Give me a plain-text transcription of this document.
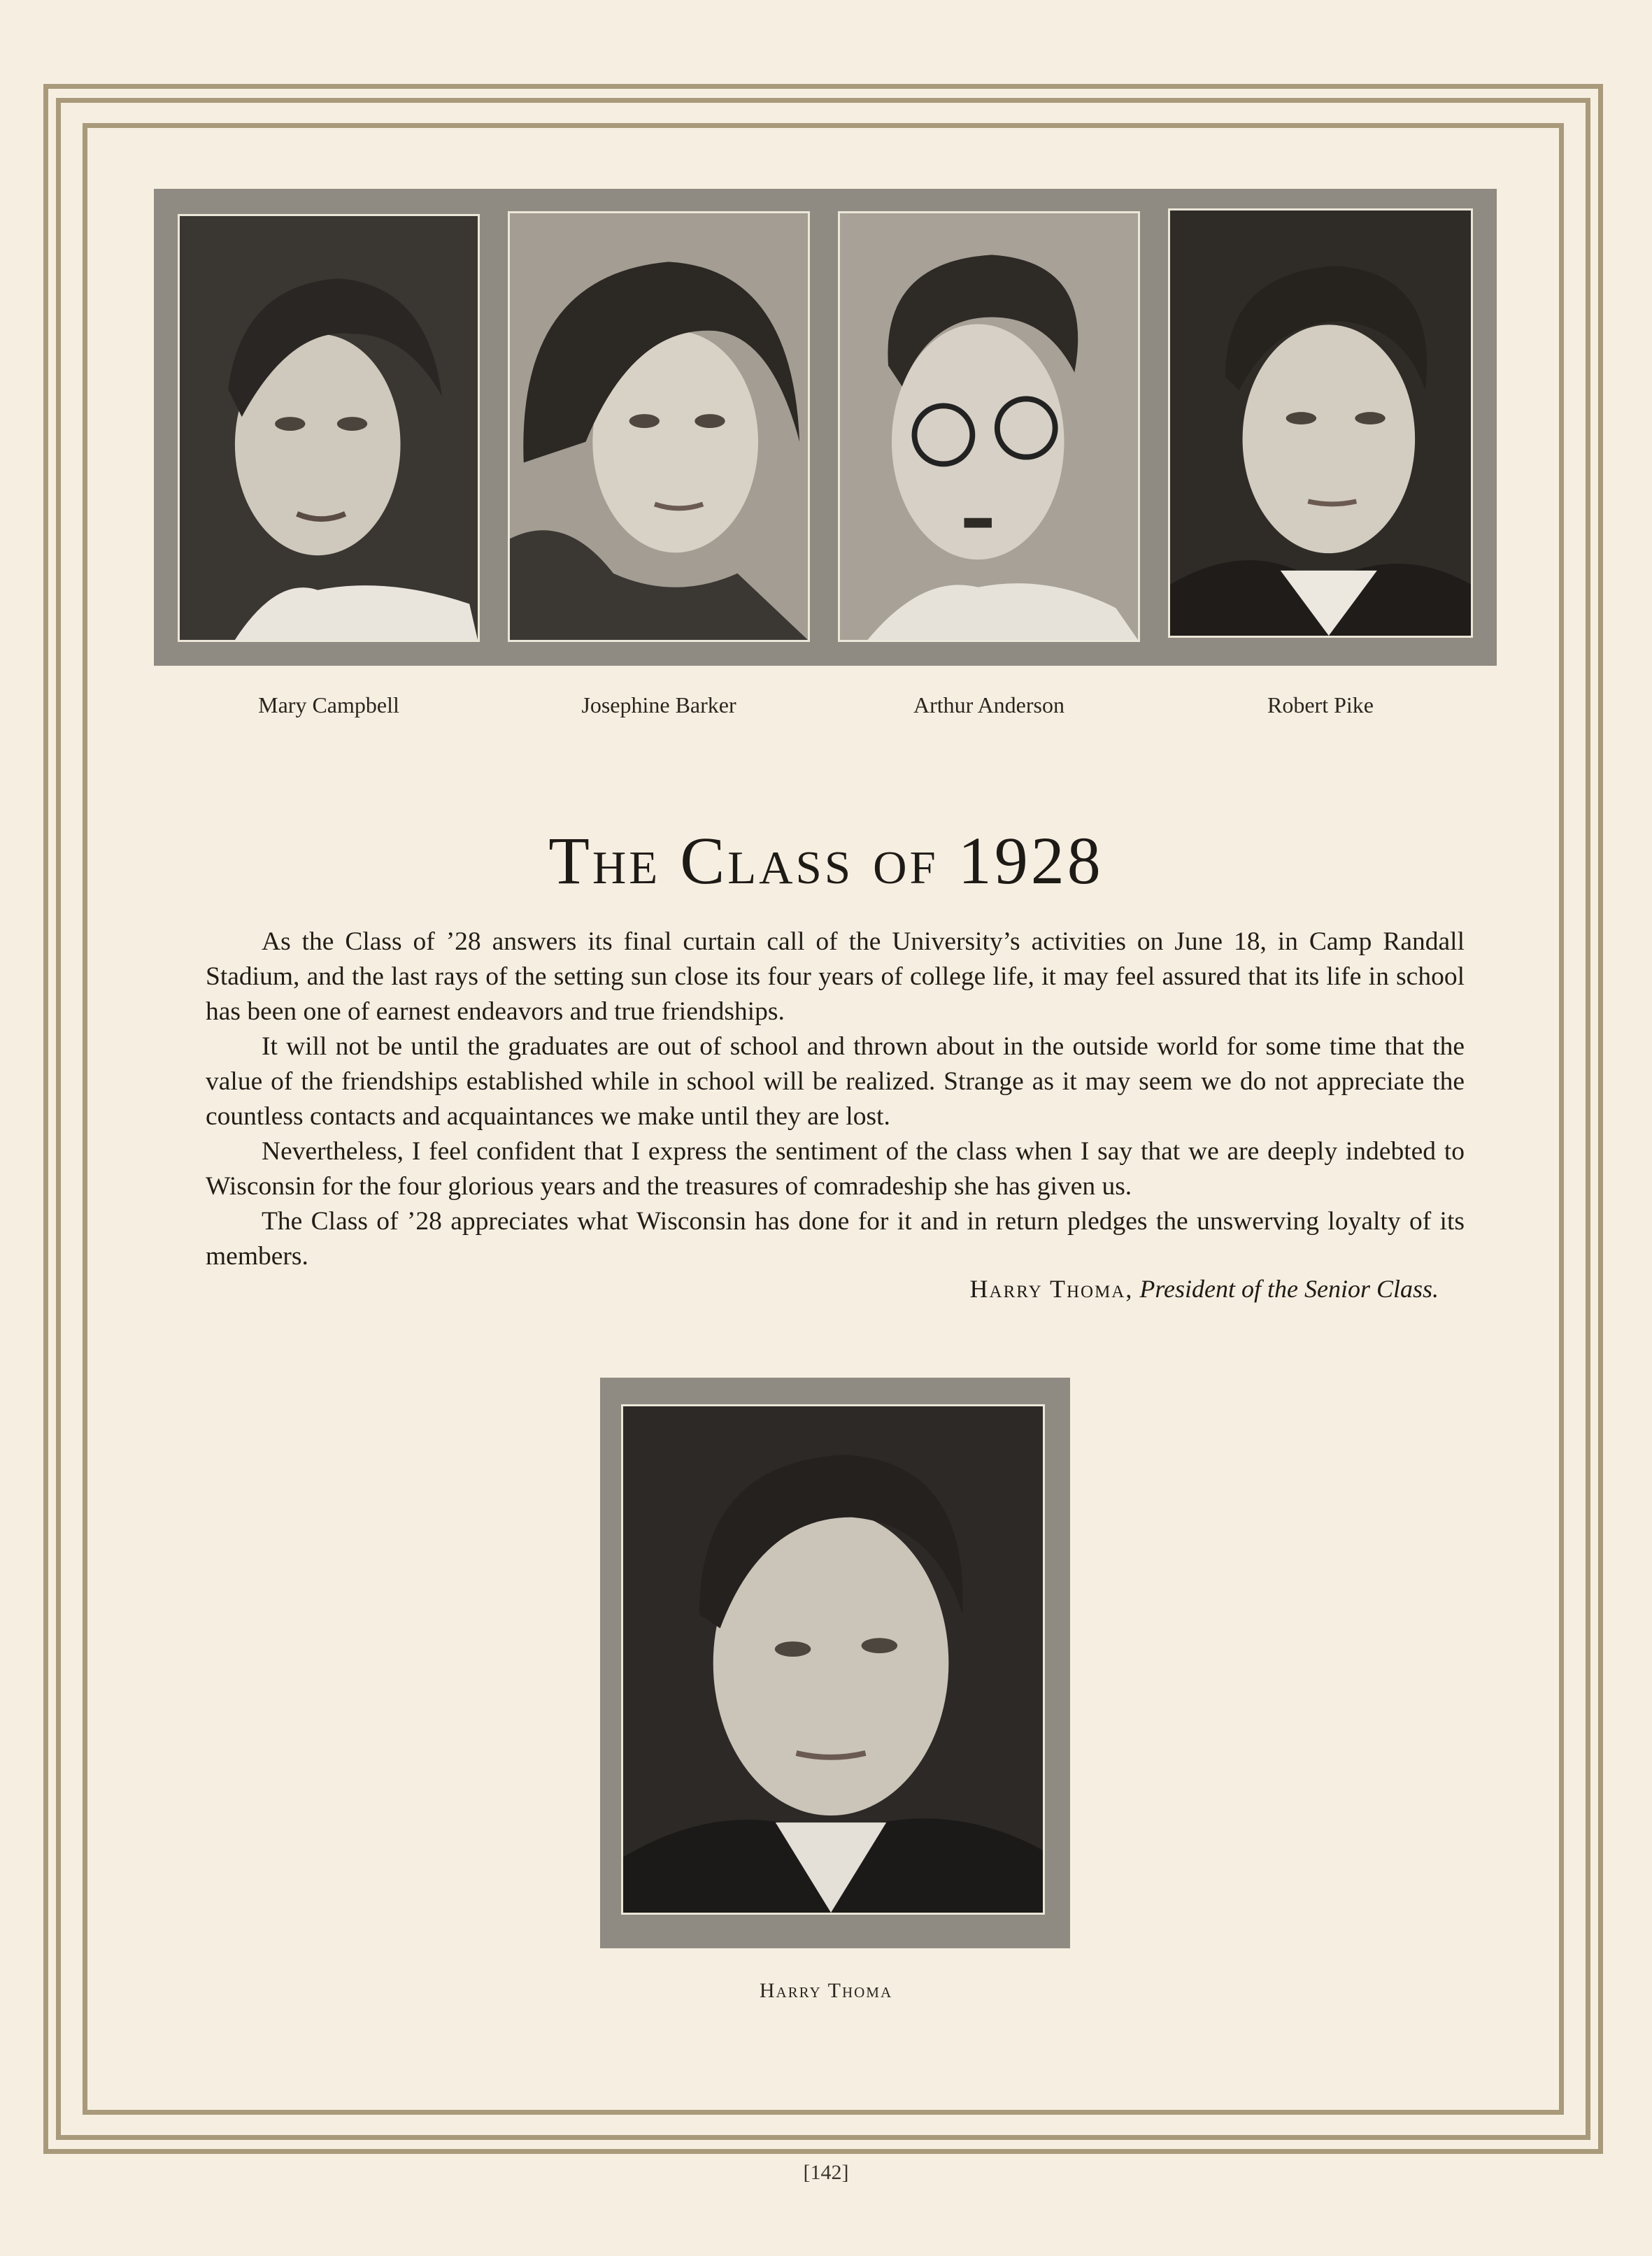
Mary Campbell	Josephine Barker	Arthur Anderson	Robert Pike
The Class of 1928

As the Class of ’28 answers its final curtain call of the University’s activities on June 18, in Camp Randall Stadium, and the last rays of the setting sun close its four years of college life, it may feel assured that its life in school has been one of earnest endeavors and true friendships.

It will not be until the graduates are out of school and thrown about in the outside world for some time that the value of the friendships established while in school will be realized. Strange as it may seem we do not appreciate the countless contacts and acquaintances we make until they are lost.

Nevertheless, I feel confident that I express the sentiment of the class when I say that we are deeply indebted to Wisconsin for the four glorious years and the treasures of comradeship she has given us.

The Class of ’28 appreciates what Wisconsin has done for it and in return pledges the unswerving loyalty of its members.

Harry Thoma, President of the Senior Class.
Harry Thoma
[142]
